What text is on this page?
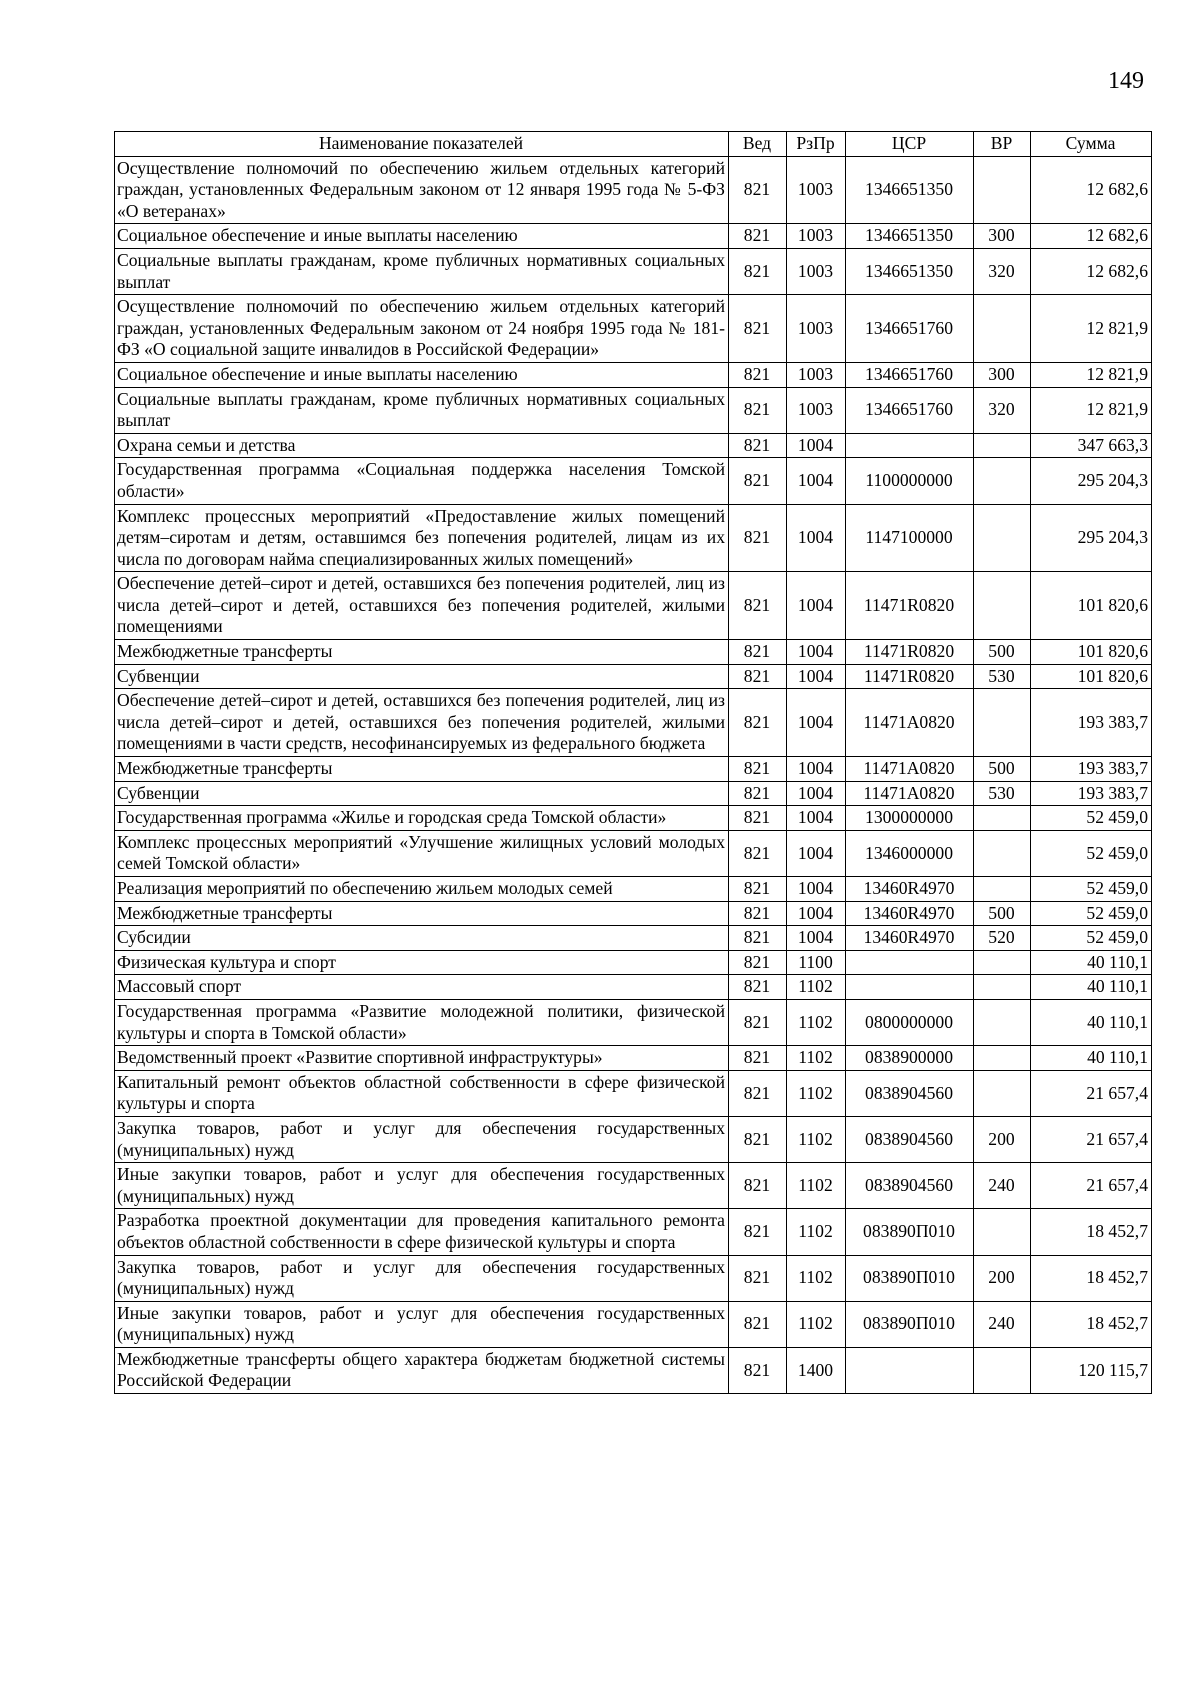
149
Наименование показателей	Вед	РзПр	ЦСР	ВР	Сумма
Осуществление полномочий по обеспечению жильем отдельных категорий граждан, установленных Федеральным законом от 12 января 1995 года № 5-ФЗ «О ветеранах»	821	1003	1346651350		12 682,6
Социальное обеспечение и иные выплаты населению	821	1003	1346651350	300	12 682,6
Социальные выплаты гражданам, кроме публичных нормативных социальных выплат	821	1003	1346651350	320	12 682,6
Осуществление полномочий по обеспечению жильем отдельных категорий граждан, установленных Федеральным законом от 24 ноября 1995 года № 181-ФЗ «О социальной защите инвалидов в Российской Федерации»	821	1003	1346651760		12 821,9
Социальное обеспечение и иные выплаты населению	821	1003	1346651760	300	12 821,9
Социальные выплаты гражданам, кроме публичных нормативных социальных выплат	821	1003	1346651760	320	12 821,9
Охрана семьи и детства	821	1004			347 663,3
Государственная программа «Социальная поддержка населения Томской области»	821	1004	1100000000		295 204,3
Комплекс процессных мероприятий «Предоставление жилых помещений детям–сиротам и детям, оставшимся без попечения родителей, лицам из их числа по договорам найма специализированных жилых помещений»	821	1004	1147100000		295 204,3
Обеспечение детей–сирот и детей, оставшихся без попечения родителей, лиц из числа детей–сирот и детей, оставшихся без попечения родителей, жилыми помещениями	821	1004	11471R0820		101 820,6
Межбюджетные трансферты	821	1004	11471R0820	500	101 820,6
Субвенции	821	1004	11471R0820	530	101 820,6
Обеспечение детей–сирот и детей, оставшихся без попечения родителей, лиц из числа детей–сирот и детей, оставшихся без попечения родителей, жилыми помещениями в части средств, несофинансируемых из федерального бюджета	821	1004	11471A0820		193 383,7
Межбюджетные трансферты	821	1004	11471A0820	500	193 383,7
Субвенции	821	1004	11471A0820	530	193 383,7
Государственная программа «Жилье и городская среда Томской области»	821	1004	1300000000		52 459,0
Комплекс процессных мероприятий «Улучшение жилищных условий молодых семей Томской области»	821	1004	1346000000		52 459,0
Реализация мероприятий по обеспечению жильем молодых семей	821	1004	13460R4970		52 459,0
Межбюджетные трансферты	821	1004	13460R4970	500	52 459,0
Субсидии	821	1004	13460R4970	520	52 459,0
Физическая культура и спорт	821	1100			40 110,1
Массовый спорт	821	1102			40 110,1
Государственная программа «Развитие молодежной политики, физической культуры и спорта в Томской области»	821	1102	0800000000		40 110,1
Ведомственный проект «Развитие спортивной инфраструктуры»	821	1102	0838900000		40 110,1
Капитальный ремонт объектов областной собственности в сфере физической культуры и спорта	821	1102	0838904560		21 657,4
Закупка товаров, работ и услуг для обеспечения государственных (муниципальных) нужд	821	1102	0838904560	200	21 657,4
Иные закупки товаров, работ и услуг для обеспечения государственных (муниципальных) нужд	821	1102	0838904560	240	21 657,4
Разработка проектной документации для проведения капитального ремонта объектов областной собственности в сфере физической культуры и спорта	821	1102	083890П010		18 452,7
Закупка товаров, работ и услуг для обеспечения государственных (муниципальных) нужд	821	1102	083890П010	200	18 452,7
Иные закупки товаров, работ и услуг для обеспечения государственных (муниципальных) нужд	821	1102	083890П010	240	18 452,7
Межбюджетные трансферты общего характера бюджетам бюджетной системы Российской Федерации	821	1400			120 115,7
